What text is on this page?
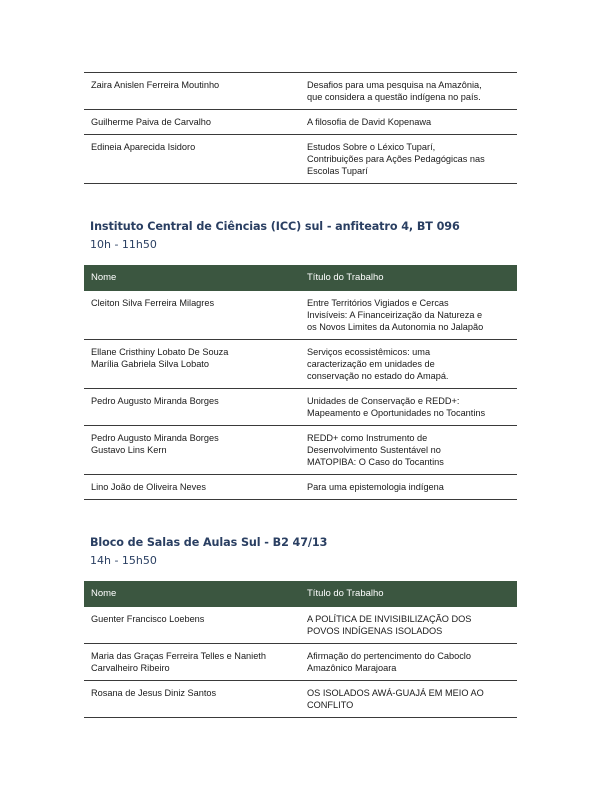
Zaira Anislen Ferreira Moutinho	Desafios para uma pesquisa na Amazônia,
que considera a questão indígena no país.

Guilherme Paiva de Carvalho	A filosofia de David Kopenawa

Edineia Aparecida Isidoro	Estudos Sobre o Léxico Tuparí,
Contribuições para Ações Pedagógicas nas
Escolas Tuparí
Instituto Central de Ciências (ICC) sul - anfiteatro 4, BT 096
10h - 11h50
Nome	Título do Trabalho

Cleiton Silva Ferreira Milagres	Entre Territórios Vigiados e Cercas
Invisíveis: A Financeirização da Natureza e
os Novos Limites da Autonomia no Jalapão

Ellane Cristhiny Lobato De Souza
Marília Gabriela Silva Lobato	Serviços ecossistêmicos: uma
caracterização em unidades de
conservação no estado do Amapá.

Pedro Augusto Miranda Borges	Unidades de Conservação e REDD+:
Mapeamento e Oportunidades no Tocantins

Pedro Augusto Miranda Borges
Gustavo Lins Kern	REDD+ como Instrumento de
Desenvolvimento Sustentável no
MATOPIBA: O Caso do Tocantins

Lino João de Oliveira Neves	Para uma epistemologia indígena
Bloco de Salas de Aulas Sul - B2 47/13
14h - 15h50
Nome	Título do Trabalho

Guenter Francisco Loebens	A POLÍTICA DE INVISIBILIZAÇÃO DOS
POVOS INDÍGENAS ISOLADOS

Maria das Graças Ferreira Telles e Nanieth
Carvalheiro Ribeiro	Afirmação do pertencimento do Caboclo
Amazônico Marajoara

Rosana de Jesus Diniz Santos	OS ISOLADOS AWÁ-GUAJÁ EM MEIO AO
CONFLITO
